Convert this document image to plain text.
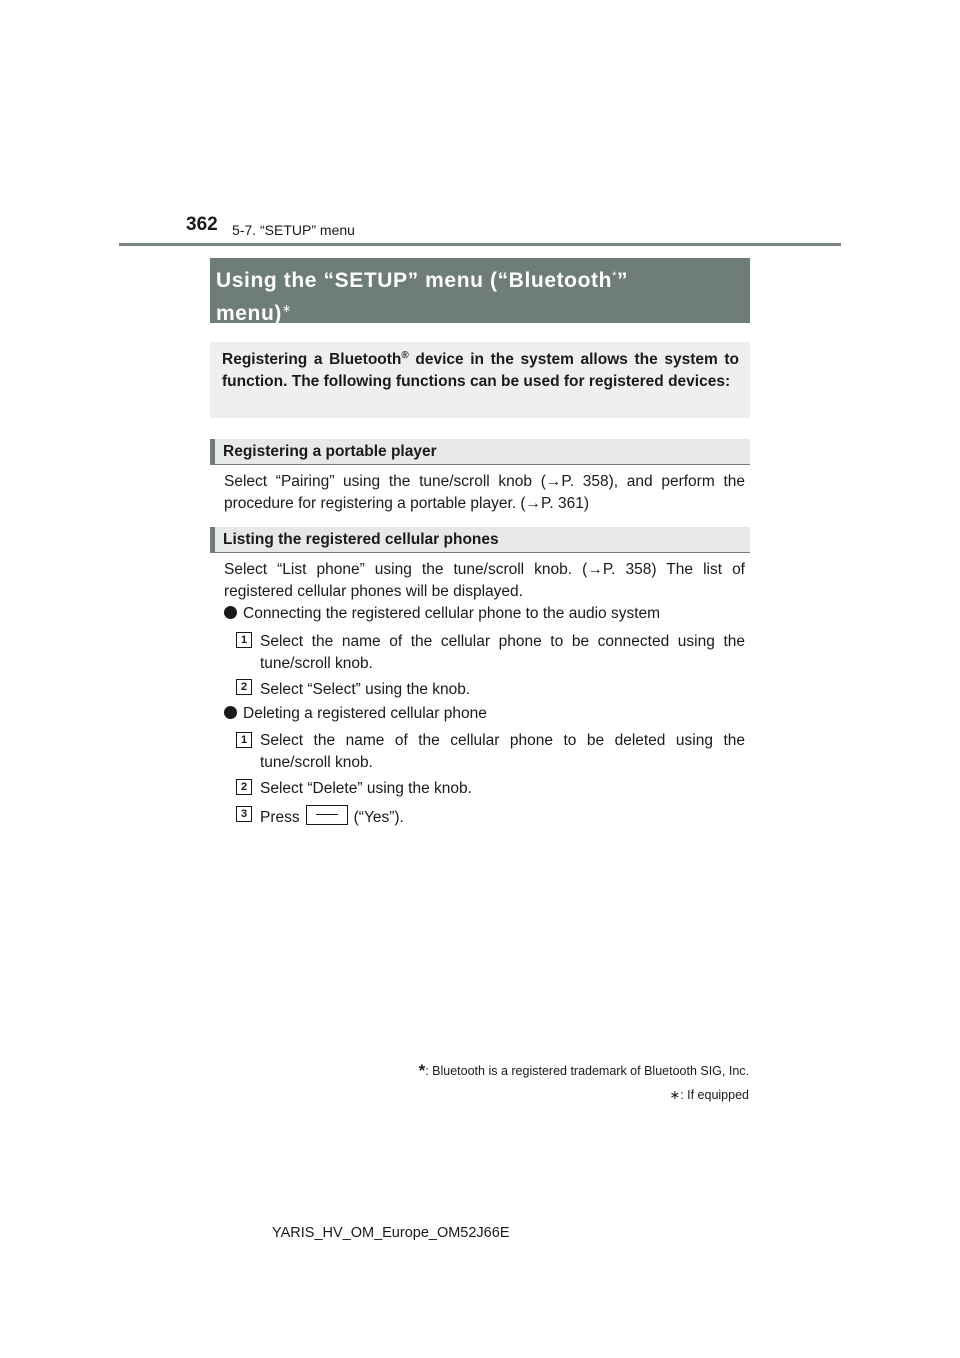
362 5-7. “SETUP” menu
Using the “SETUP” menu (“Bluetooth*”
menu)∗
Registering a Bluetooth® device in the system allows the system to function. The following functions can be used for registered devices:
Registering a portable player
Select “Pairing” using the tune/scroll knob (→P. 358), and perform the procedure for registering a portable player. (→P. 361)
Listing the registered cellular phones
Select “List phone” using the tune/scroll knob. (→P. 358) The list of registered cellular phones will be displayed.
Connecting the registered cellular phone to the audio system
1 Select the name of the cellular phone to be connected using the tune/scroll knob.
2 Select “Select” using the knob.
Deleting a registered cellular phone
1 Select the name of the cellular phone to be deleted using the tune/scroll knob.
2 Select “Delete” using the knob.
3 Press	(“Yes”).
*: Bluetooth is a registered trademark of Bluetooth SIG, Inc.
∗: If equipped
YARIS_HV_OM_Europe_OM52J66E
